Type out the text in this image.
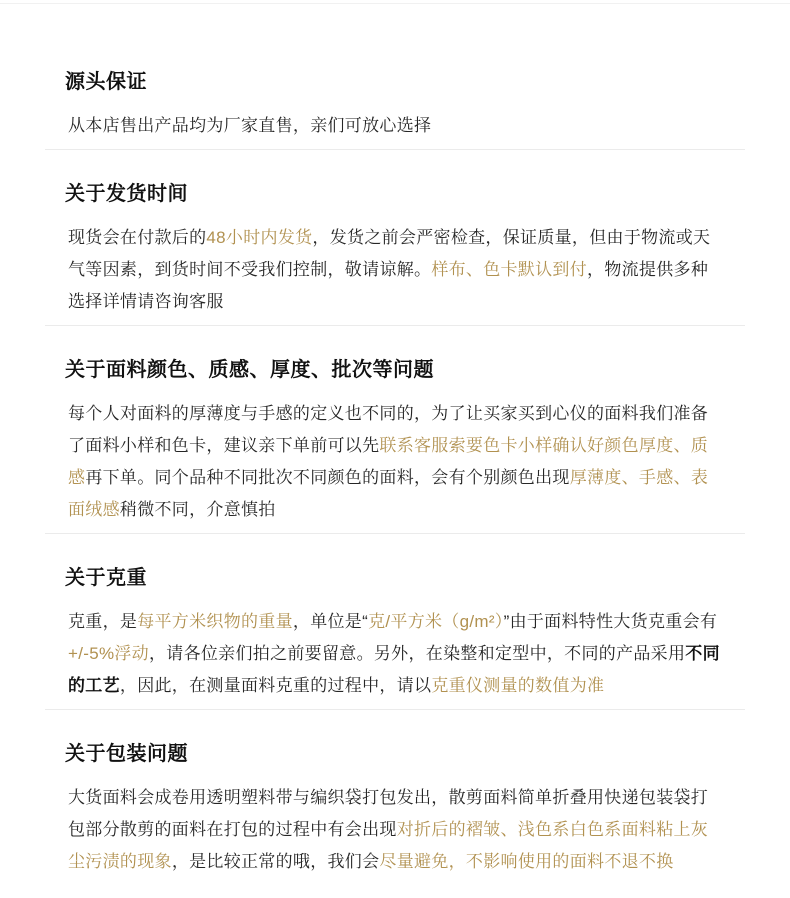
源头保证

从本店售出产品均为厂家直售，亲们可放心选择

关于发货时间

现货会在付款后的48小时内发货，发货之前会严密检查，保证质量，但由于物流或天气等因素，到货时间不受我们控制，敬请谅解。样布、色卡默认到付，物流提供多种选择详情请咨询客服

关于面料颜色、质感、厚度、批次等问题

每个人对面料的厚薄度与手感的定义也不同的，为了让买家买到心仪的面料我们准备了面料小样和色卡，建议亲下单前可以先联系客服索要色卡小样确认好颜色厚度、质感再下单。同个品种不同批次不同颜色的面料，会有个别颜色出现厚薄度、手感、表面绒感稍微不同，介意慎拍

关于克重

克重，是每平方米织物的重量，单位是“克/平方米（g/m²）”由于面料特性大货克重会有+/-5%浮动，请各位亲们拍之前要留意。另外，在染整和定型中，不同的产品采用不同的工艺，因此，在测量面料克重的过程中，请以克重仪测量的数值为准

关于包装问题

大货面料会成卷用透明塑料带与编织袋打包发出，散剪面料简单折叠用快递包装袋打包部分散剪的面料在打包的过程中有会出现对折后的褶皱、浅色系白色系面料粘上灰尘污渍的现象，是比较正常的哦，我们会尽量避免，不影响使用的面料不退不换
